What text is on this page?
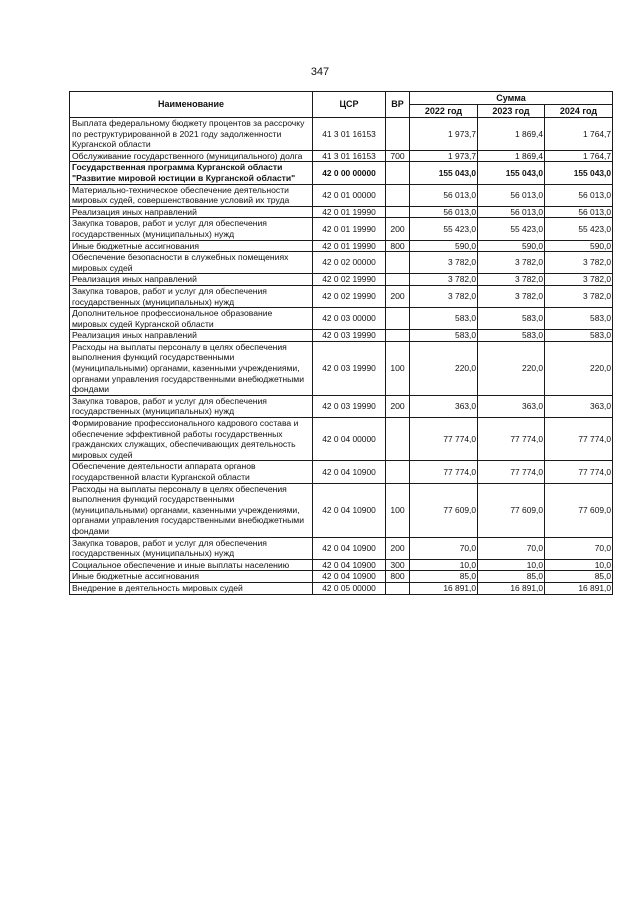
347
Наименование	ЦСР	ВР	Сумма		
			2022 год	2023 год	2024 год
Выплата федеральному бюджету процентов за рассрочку по реструктурированной в 2021 году задолженности Курганской области	41 3 01 16153		1 973,7	1 869,4	1 764,7
Обслуживание государственного (муниципального) долга	41 3 01 16153	700	1 973,7	1 869,4	1 764,7
Государственная программа Курганской области "Развитие мировой юстиции в Курганской области"	42 0 00 00000		155 043,0	155 043,0	155 043,0
Материально-техническое обеспечение деятельности мировых судей, совершенствование условий их труда	42 0 01 00000		56 013,0	56 013,0	56 013,0
Реализация иных направлений	42 0 01 19990		56 013,0	56 013,0	56 013,0
Закупка товаров, работ и услуг для обеспечения государственных (муниципальных) нужд	42 0 01 19990	200	55 423,0	55 423,0	55 423,0
Иные бюджетные ассигнования	42 0 01 19990	800	590,0	590,0	590,0
Обеспечение безопасности в служебных помещениях мировых судей	42 0 02 00000		3 782,0	3 782,0	3 782,0
Реализация иных направлений	42 0 02 19990		3 782,0	3 782,0	3 782,0
Закупка товаров, работ и услуг для обеспечения государственных (муниципальных) нужд	42 0 02 19990	200	3 782,0	3 782,0	3 782,0
Дополнительное профессиональное образование мировых судей Курганской области	42 0 03 00000		583,0	583,0	583,0
Реализация иных направлений	42 0 03 19990		583,0	583,0	583,0
Расходы на выплаты персоналу в целях обеспечения выполнения функций государственными (муниципальными) органами, казенными учреждениями, органами управления государственными внебюджетными фондами	42 0 03 19990	100	220,0	220,0	220,0
Закупка товаров, работ и услуг для обеспечения государственных (муниципальных) нужд	42 0 03 19990	200	363,0	363,0	363,0
Формирование профессионального кадрового состава и обеспечение эффективной работы государственных гражданских служащих, обеспечивающих деятельность мировых судей	42 0 04 00000		77 774,0	77 774,0	77 774,0
Обеспечение деятельности аппарата органов государственной власти Курганской области	42 0 04 10900		77 774,0	77 774,0	77 774,0
Расходы на выплаты персоналу в целях обеспечения выполнения функций государственными (муниципальными) органами, казенными учреждениями, органами управления государственными внебюджетными фондами	42 0 04 10900	100	77 609,0	77 609,0	77 609,0
Закупка товаров, работ и услуг для обеспечения государственных (муниципальных) нужд	42 0 04 10900	200	70,0	70,0	70,0
Социальное обеспечение и иные выплаты населению	42 0 04 10900	300	10,0	10,0	10,0
Иные бюджетные ассигнования	42 0 04 10900	800	85,0	85,0	85,0
Внедрение в деятельность мировых судей	42 0 05 00000		16 891,0	16 891,0	16 891,0
